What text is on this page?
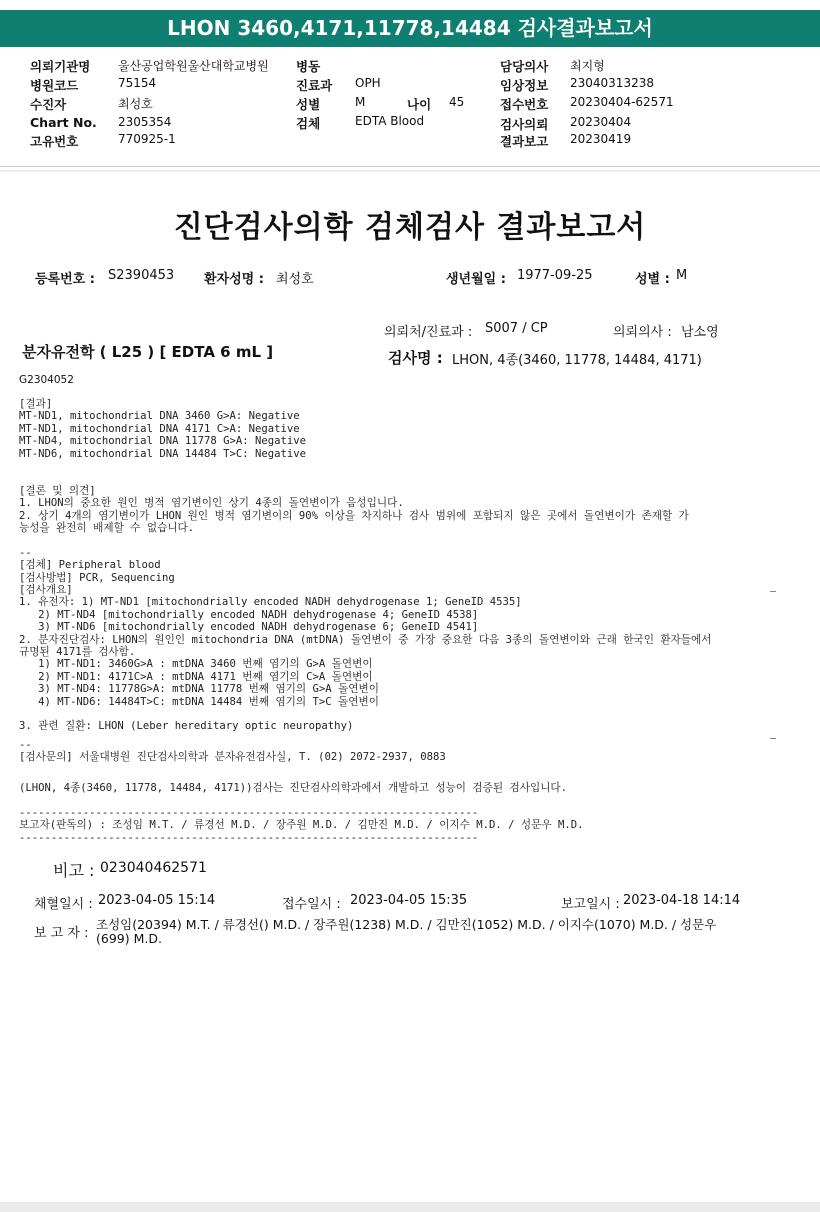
LHON 3460,4171,11778,14484 검사결과보고서
의뢰기관명 울산공업학원울산대학교병원
병원코드	75154
수진자	최성호
Chart No. 2305354
고유번호	770925-1
병동
진료과 OPH
성별	M	나이 45
검체	EDTA Blood
담당의사 최지형
임상정보 23040313238
접수번호 20230404-62571
검사의뢰 20230404
결과보고 20230419
진단검사의학 검체검사 결과보고서
등록번호 : S2390453 환자성명 : 최성호	생년월일 : 1977-09-25	성별 : M
의뢰처/진료과 : S007 / CP	의뢰의사 : 남소영
분자유전학 ( L25 ) [ EDTA 6 mL ]	검사명 : LHON, 4종(3460, 11778, 14484, 4171)
G2304052
[결과]
MT-ND1, mitochondrial DNA 3460 G>A: Negative
MT-ND1, mitochondrial DNA 4171 C>A: Negative
MT-ND4, mitochondrial DNA 11778 G>A: Negative
MT-ND6, mitochondrial DNA 14484 T>C: Negative
[결론 및 의견]
1. LHON의 중요한 원인 병적 염기변이인 상기 4종의 돌연변이가 음성입니다.
2. 상기 4개의 염기변이가 LHON 원인 병적 염기변이의 90% 이상을 차지하나 검사 범위에 포함되지 않은 곳에서 돌연변이가 존재할 가
능성을 완전히 배제할 수 없습니다.
--
[검체] Peripheral blood
[검사방법] PCR, Sequencing
[검사개요]
1. 유전자: 1) MT-ND1 [mitochondrially encoded NADH dehydrogenase 1; GeneID 4535]
2) MT-ND4 [mitochondrially encoded NADH dehydrogenase 4; GeneID 4538]
3) MT-ND6 [mitochondrially encoded NADH dehydrogenase 6; GeneID 4541]
2. 분자진단검사: LHON의 원인인 mitochondria DNA (mtDNA) 돌연변이 중 가장 중요한 다음 3종의 돌연변이와 근래 한국인 환자들에서
규명된 4171를 검사함.
1) MT-ND1: 3460G>A : mtDNA 3460 번째 염기의 G>A 돌연변이
2) MT-ND1: 4171C>A : mtDNA 4171 번째 염기의 C>A 돌연변이
3) MT-ND4: 11778G>A: mtDNA 11778 번째 염기의 G>A 돌연변이
4) MT-ND6: 14484T>C: mtDNA 14484 번째 염기의 T>C 돌연변이
3. 관련 질환: LHON (Leber hereditary optic neuropathy)
--
[검사문의] 서울대병원 진단검사의학과 분자유전검사실, T. (02) 2072-2937, 0883
(LHON, 4종(3460, 11778, 14484, 4171))검사는 진단검사의학과에서 개발하고 성능이 검증된 검사입니다.
------------------------------------------------------------------------
보고자(판독의) : 조성임 M.T. / 류경선 M.D. / 장주원 M.D. / 김만진 M.D. / 이지수 M.D. / 성문우 M.D.
------------------------------------------------------------------------
비고 : 023040462571
채혈일시 : 2023-04-05 15:14	접수일시 : 2023-04-05 15:35	보고일시 : 2023-04-18 14:14
보 고 자 :
조성임(20394) M.T. / 류경선() M.D. / 장주원(1238) M.D. / 김만진(1052) M.D. / 이지수(1070) M.D. / 성문우
(699) M.D.
